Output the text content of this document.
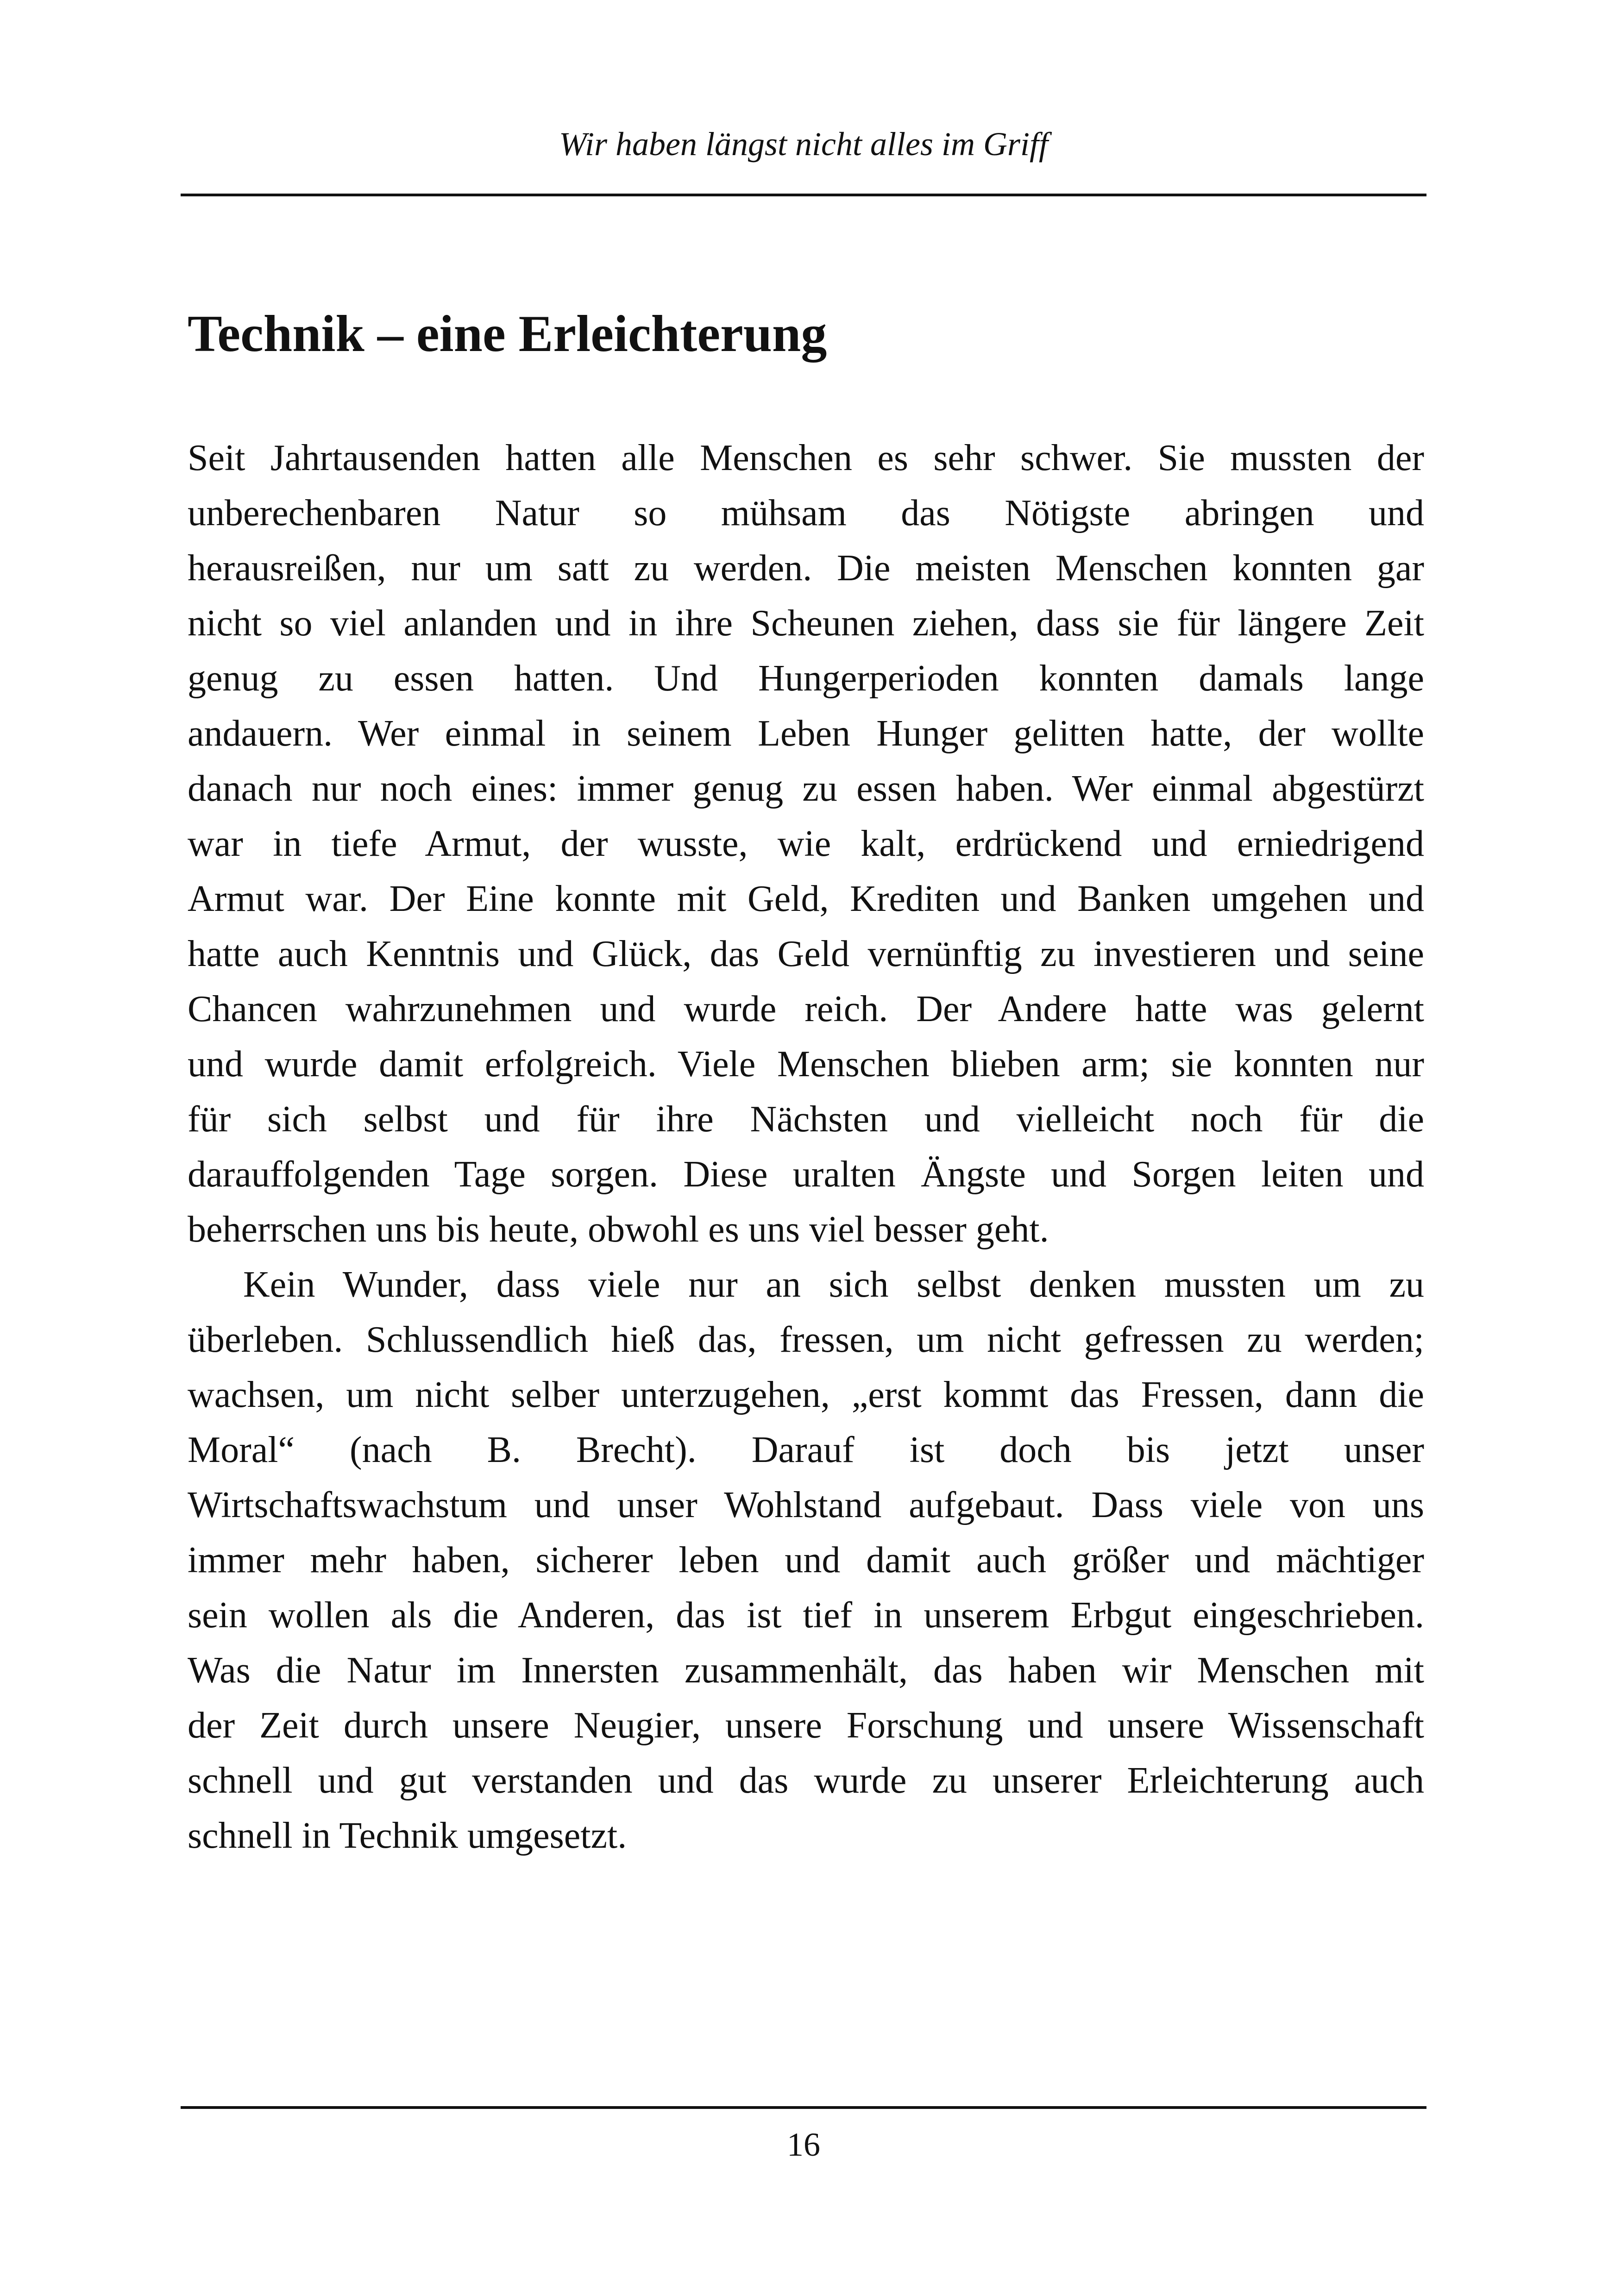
Wir haben längst nicht alles im Griff
Technik – eine Erleichterung
Seit Jahrtausenden hatten alle Menschen es sehr schwer. Sie mussten der
unberechenbaren Natur so mühsam das Nötigste abringen und
herausreißen, nur um satt zu werden. Die meisten Menschen konnten gar
nicht so viel anlanden und in ihre Scheunen ziehen, dass sie für längere Zeit
genug zu essen hatten. Und Hungerperioden konnten damals lange
andauern. Wer einmal in seinem Leben Hunger gelitten hatte, der wollte
danach nur noch eines: immer genug zu essen haben. Wer einmal abgestürzt
war in tiefe Armut, der wusste, wie kalt, erdrückend und erniedrigend
Armut war. Der Eine konnte mit Geld, Krediten und Banken umgehen und
hatte auch Kenntnis und Glück, das Geld vernünftig zu investieren und seine
Chancen wahrzunehmen und wurde reich. Der Andere hatte was gelernt
und wurde damit erfolgreich. Viele Menschen blieben arm; sie konnten nur
für sich selbst und für ihre Nächsten und vielleicht noch für die
darauffolgenden Tage sorgen. Diese uralten Ängste und Sorgen leiten und
beherrschen uns bis heute, obwohl es uns viel besser geht.
Kein Wunder, dass viele nur an sich selbst denken mussten um zu
überleben. Schlussendlich hieß das, fressen, um nicht gefressen zu werden;
wachsen, um nicht selber unterzugehen, „erst kommt das Fressen, dann die
Moral“ (nach B. Brecht). Darauf ist doch bis jetzt unser
Wirtschaftswachstum und unser Wohlstand aufgebaut. Dass viele von uns
immer mehr haben, sicherer leben und damit auch größer und mächtiger
sein wollen als die Anderen, das ist tief in unserem Erbgut eingeschrieben.
Was die Natur im Innersten zusammenhält, das haben wir Menschen mit
der Zeit durch unsere Neugier, unsere Forschung und unsere Wissenschaft
schnell und gut verstanden und das wurde zu unserer Erleichterung auch
schnell in Technik umgesetzt.
16
